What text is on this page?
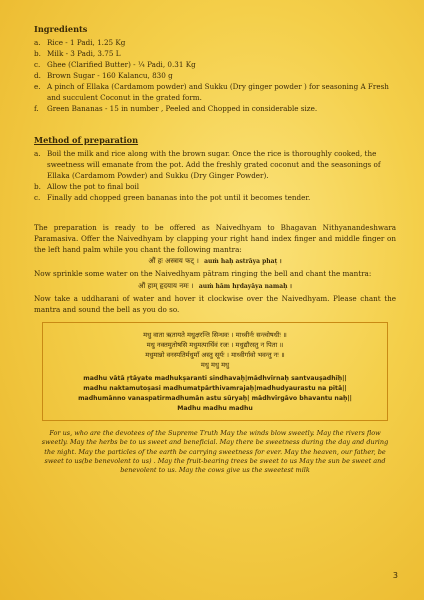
Ingredients
a. Rice - 1 Padi, 1.25 Kg
b. Milk - 3 Padi, 3.75 L
c. Ghee (Clarified Butter) - ¼ Padi, 0.31 Kg
d. Brown Sugar - 160 Kalancu, 830 g
e. A pinch of Ellaka (Cardamom powder) and Sukku (Dry ginger powder ) for seasoning A Fresh and succulent Coconut in the grated form.
f. Green Bananas - 15 in number , Peeled and Chopped in considerable size.
Method of preparation
a. Boil the milk and rice along with the brown sugar. Once the rice is thoroughly cooked, the sweetness will emanate from the pot. Add the freshly grated coconut and the seasonings of Ellaka (Cardamom Powder) and Sukku (Dry Ginger Powder).
b. Allow the pot to final boil
c. Finally add chopped green bananas into the pot until it becomes tender.

The preparation is ready to be offered as Naivedhyam to Bhagavan Nithyanandeshwara Paramasiva. Offer the Naivedhyam by clapping your right hand index finger and middle finger on the left hand palm while you chant the following mantra:

औं हः अस्त्राय फट् । auṁ haḥ astrāya phaṭ ।

Now sprinkle some water on the Naivedhyam pātram ringing the bell and chant the mantra:

औं हाम् हृदयाय नमः । auṁ hām hṛdayāya namaḥ ।

Now take a uddharani of water and hover it clockwise over the Naivedhyam. Please chant the mantra and sound the bell as you do so.

मधु वाता ऋतायते मधुक्षरन्ति सिन्धवः । माध्वीर्नः सन्त्वोषधीः ॥
मधु नक्तमुतोषसि मधुमत्पार्थिवं रजः । मधुद्यौरस्तु न पिता ॥
मधुमान्नो वनस्पतिर्मधुमाँ अस्तु सूर्यः । माध्वीर्गावो भवन्तु नः ॥
मधु मधु मधु
madhu vātā ṛtāyate madhukṣaranti sindhavaḥ|mādhvīrnaḥ santvauṣadhīḥ||
madhu naktamutoṣasi madhumatpārthivamrajaḥ|madhudyaurastu na pitā||
madhumānno vanaspatirmadhumān astu sūryaḥ| mādhvīrgāvo bhavantu naḥ||
Madhu madhu madhu

For us, who are the devotees of the Supreme Truth May the winds blow sweetly. May the rivers flow sweetly. May the herbs be to us sweet and beneficial. May there be sweetness during the day and during the night. May the particles of the earth be carrying sweetness for ever. May the heaven, our father, be sweet to us(be benevolent to us) . May the fruit-bearing trees be sweet to us May the sun be sweet and benevolent to us. May the cows give us the sweetest milk

3
